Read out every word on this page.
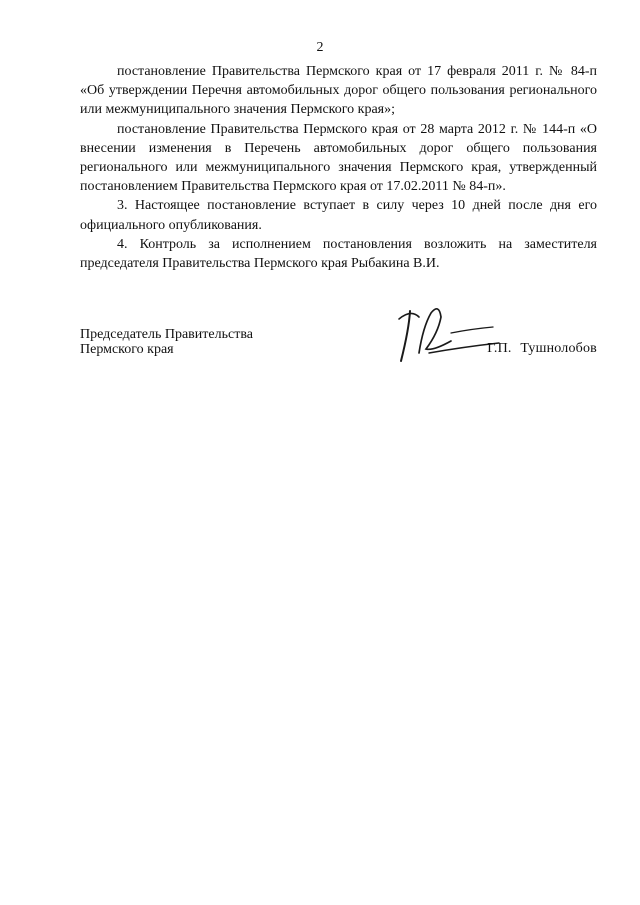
2

постановление Правительства Пермского края от 17 февраля 2011 г. № 84-п «Об утверждении Перечня автомобильных дорог общего пользования регионального или межмуниципального значения Пермского края»;

постановление Правительства Пермского края от 28 марта 2012 г. № 144-п «О внесении изменения в Перечень автомобильных дорог общего пользования регионального или межмуниципального значения Пермского края, утвержденный постановлением Правительства Пермского края от 17.02.2011 № 84-п».

3. Настоящее постановление вступает в силу через 10 дней после дня его официального опубликования.

4. Контроль за исполнением постановления возложить на заместителя председателя Правительства Пермского края Рыбакина В.И.

Председатель Правительства
Пермского края	Г.П. Тушнолобов
